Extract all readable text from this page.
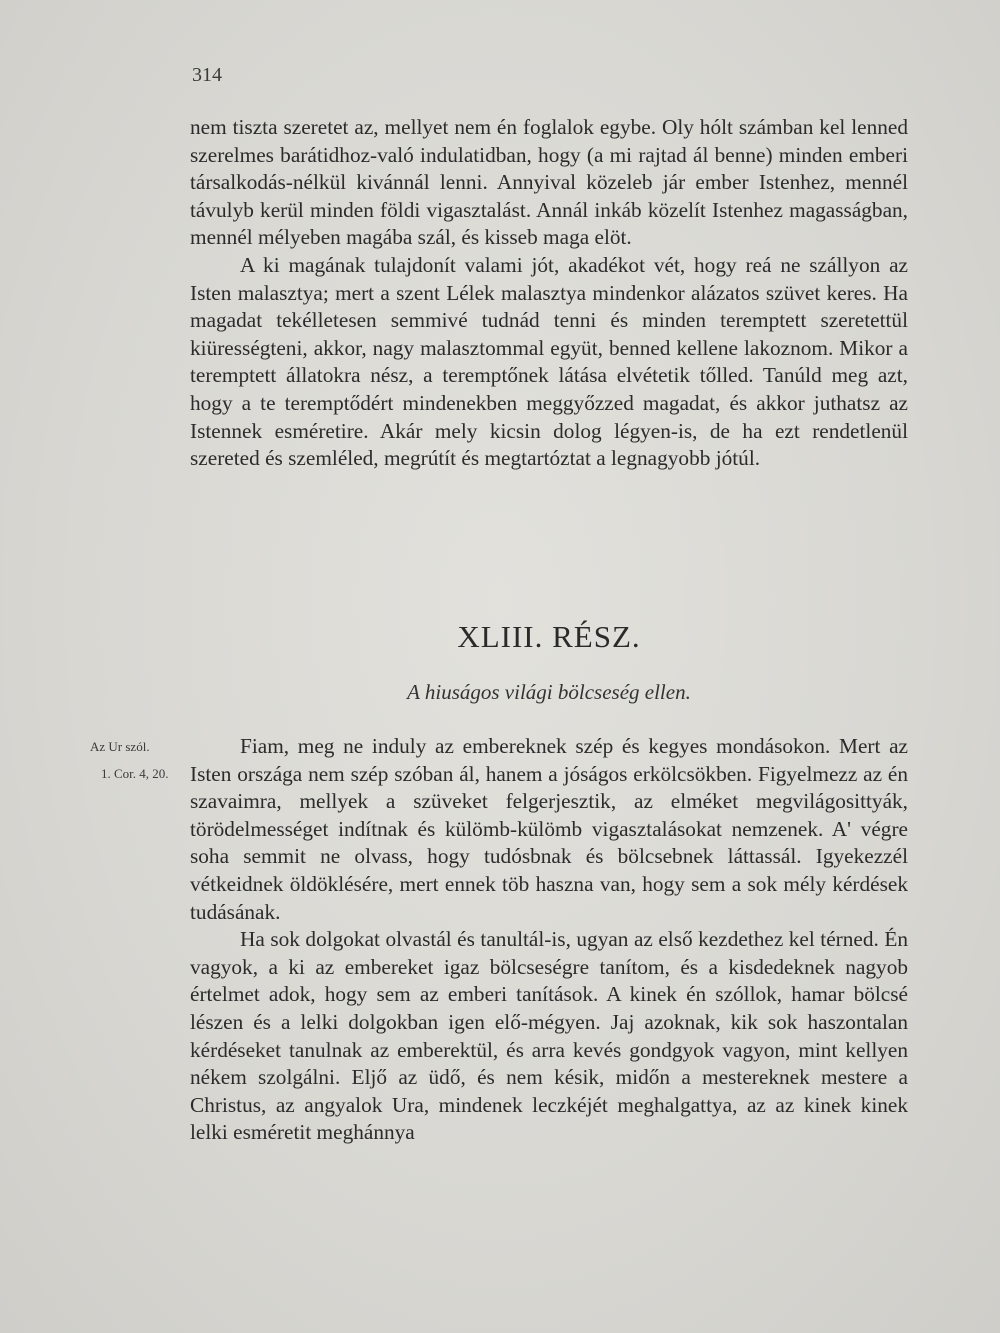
314

nem tiszta szeretet az, mellyet nem én foglalok egybe. Oly hólt számban kel lenned szerelmes barátidhoz-való indulatidban, hogy (a mi rajtad ál benne) minden emberi társalkodás-nélkül kivánnál lenni. Annyival közeleb jár ember Istenhez, mennél távulyb kerül minden földi vigasztalást. Annál inkáb közelít Istenhez magasságban, mennél mélyeben magába szál, és kisseb maga elöt.

A ki magának tulajdonít valami jót, akadékot vét, hogy reá ne szállyon az Isten malasztya; mert a szent Lélek malasztya mindenkor alázatos szüvet keres. Ha magadat tekélletesen semmivé tudnád tenni és minden teremptett szeretettül kiürességteni, akkor, nagy malasztommal együt, benned kellene lakoznom. Mikor a teremptett állatokra nész, a teremptőnek látása elvétetik tőlled. Tanúld meg azt, hogy a te teremptődért mindenekben meggyőzzed magadat, és akkor juthatsz az Istennek esméretire. Akár mely kicsin dolog légyen-is, de ha ezt rendetlenül szereted és szemléled, megrútít és megtartóztat a legnagyobb jótúl.

XLIII. RÉSZ.
A hiuságos világi bölcseség ellen.
Az Ur szól.
1. Cor. 4, 20.

Fiam, meg ne induly az embereknek szép és kegyes mondásokon. Mert az Isten országa nem szép szóban ál, hanem a jóságos erkölcsökben. Figyelmezz az én szavaimra, mellyek a szüveket felgerjesztik, az elméket megvilágosittyák, törödelmességet indítnak és külömb-külömb vigasztalásokat nemzenek. A' végre soha semmit ne olvass, hogy tudósbnak és bölcsebnek láttassál. Igyekezzél vétkeidnek öldöklésére, mert ennek töb haszna van, hogy sem a sok mély kérdések tudásának.

Ha sok dolgokat olvastál és tanultál-is, ugyan az első kezdethez kel térned. Én vagyok, a ki az embereket igaz bölcseségre tanítom, és a kisdedeknek nagyob értelmet adok, hogy sem az emberi tanítások. A kinek én szóllok, hamar bölcsé lészen és a lelki dolgokban igen elő-mégyen. Jaj azoknak, kik sok haszontalan kérdéseket tanulnak az emberektül, és arra kevés gondgyok vagyon, mint kellyen nékem szolgálni. Eljő az üdő, és nem késik, midőn a mestereknek mestere a Christus, az angyalok Ura, mindenek leczkéjét meghalgattya, az az kinek kinek lelki esméretit meghánnya
